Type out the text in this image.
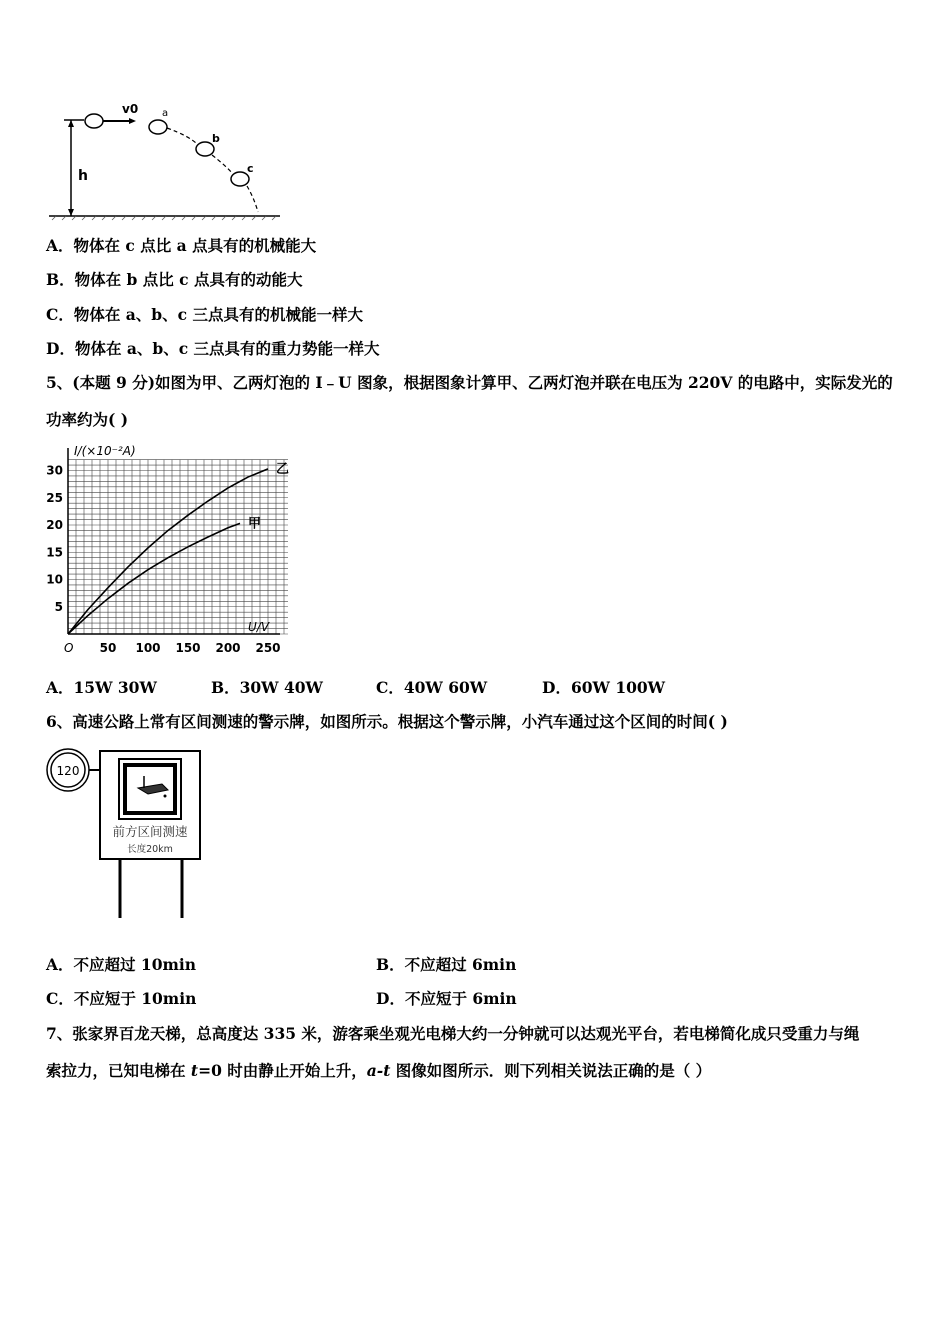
h
v0 a
b
c
A．物体在 c 点比 a 点具有的机械能大
B．物体在 b 点比 c 点具有的动能大
C．物体在 a、b、c 三点具有的机械能一样大
D．物体在 a、b、c 三点具有的重力势能一样大
5、(本题 9 分)如图为甲、乙两灯泡的 I﹣U 图象，根据图象计算甲、乙两灯泡并联在电压为 220V 的电路中，实际发光的
功率约为( )
I/(×10⁻²A)
U/V
O 50 100 150 200 250
30
25
20
15
10
5
乙
甲
A．15W 30W	B．30W 40W	C．40W 60W	D．60W 100W
6、高速公路上常有区间测速的警示牌，如图所示。根据这个警示牌，小汽车通过这个区间的时间( )
120
前方区间测速
长度20km
A．不应超过 10min	B．不应超过 6min
C．不应短于 10min	D．不应短于 6min
7、张家界百龙天梯，总高度达 335 米，游客乘坐观光电梯大约一分钟就可以达观光平台，若电梯简化成只受重力与绳
索拉力，已知电梯在 t=0 时由静止开始上升，a-t 图像如图所示．则下列相关说法正确的是（ ）
